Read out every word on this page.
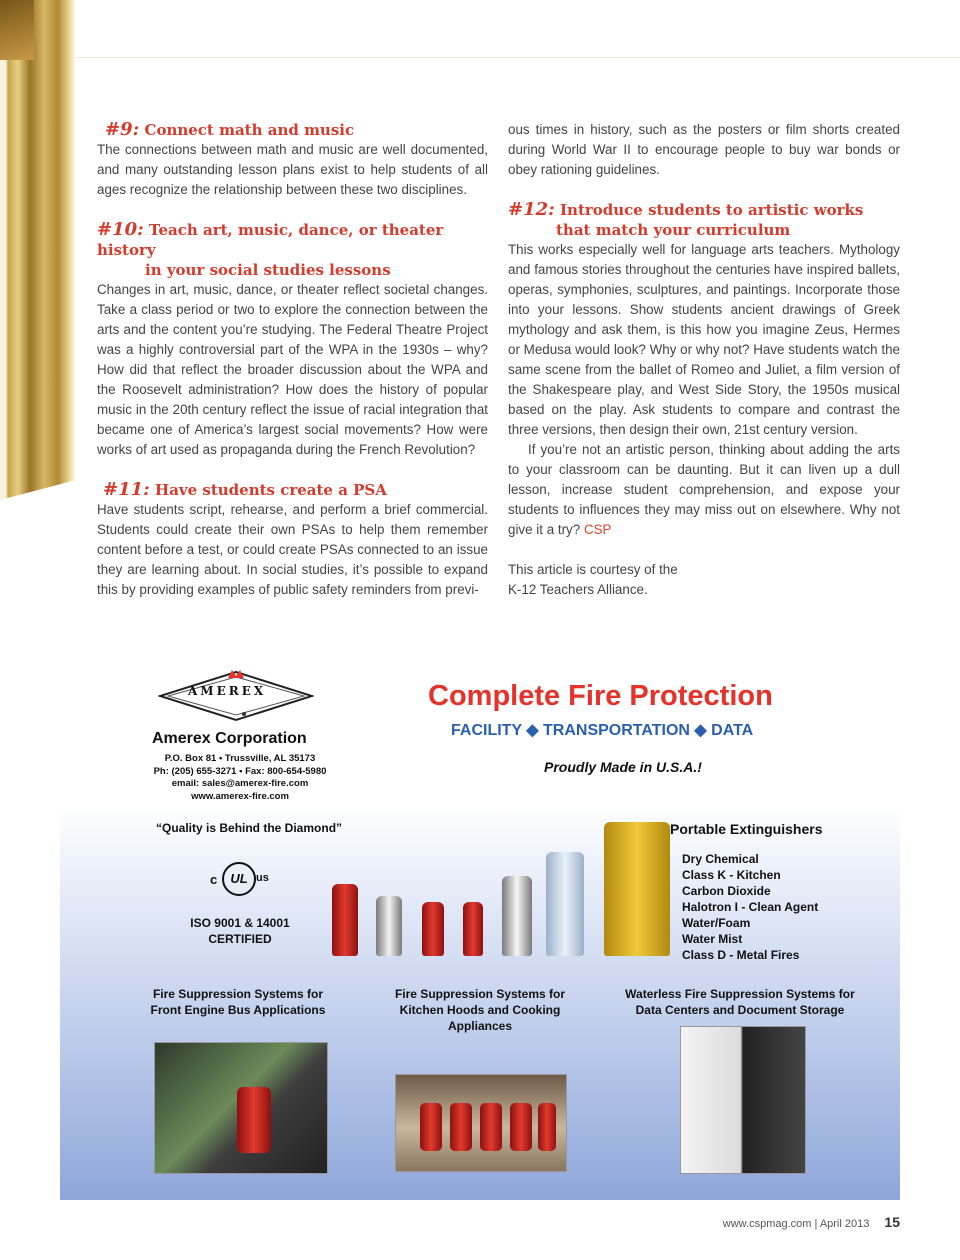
#9: Connect math and music

The connections between math and music are well documented, and many outstanding lesson plans exist to help students of all ages recognize the relationship between these two disciplines.

#10: Teach art, music, dance, or theater history
in your social studies lessons

Changes in art, music, dance, or theater reflect societal changes. Take a class period or two to explore the connection between the arts and the content you’re studying. The Federal Theatre Project was a highly controversial part of the WPA in the 1930s – why? How did that reflect the broader discussion about the WPA and the Roosevelt administration? How does the history of popular music in the 20th century reflect the issue of racial integration that became one of America’s largest social movements? How were works of art used as propaganda during the French Revolution?

#11: Have students create a PSA

Have students script, rehearse, and perform a brief commercial. Students could create their own PSAs to help them remember content before a test, or could create PSAs connected to an issue they are learning about. In social studies, it’s possible to expand this by providing examples of public safety reminders from previ-

ous times in history, such as the posters or film shorts created during World War II to encourage people to buy war bonds or obey rationing guidelines.

#12: Introduce students to artistic works
that match your curriculum

This works especially well for language arts teachers. Mythology and famous stories throughout the centuries have inspired ballets, operas, symphonies, sculptures, and paintings. Incorporate those into your lessons. Show students ancient drawings of Greek mythology and ask them, is this how you imagine Zeus, Hermes or Medusa would look? Why or why not? Have students watch the same scene from the ballet of Romeo and Juliet, a film version of the Shakespeare play, and West Side Story, the 1950s musical based on the play. Ask students to compare and contrast the three versions, then design their own, 21st century version.

If you’re not an artistic person, thinking about adding the arts to your classroom can be daunting. But it can liven up a dull lesson, increase student comprehension, and expose your students to influences they may miss out on elsewhere. Why not give it a try? CSP

This article is courtesy of the
K-12 Teachers Alliance.
AMEREX
Amerex Corporation
P.O. Box 81 • Trussville, AL 35173
Ph: (205) 655-3271 • Fax: 800-654-5980
email: sales@amerex-fire.com
www.amerex-fire.com
“Quality is Behind the Diamond”
c	UL us
ISO 9001 & 14001
CERTIFIED
Complete Fire Protection
FACILITY ◆ TRANSPORTATION ◆ DATA
Proudly Made in U.S.A.!
Portable Extinguishers
Dry Chemical
Class K - Kitchen
Carbon Dioxide
Halotron I - Clean Agent
Water/Foam
Water Mist
Class D - Metal Fires
Fire Suppression Systems for
Front Engine Bus Applications
Fire Suppression Systems for
Kitchen Hoods and Cooking
Appliances
Waterless Fire Suppression Systems for
Data Centers and Document Storage
www.cspmag.com | April 2013 15
